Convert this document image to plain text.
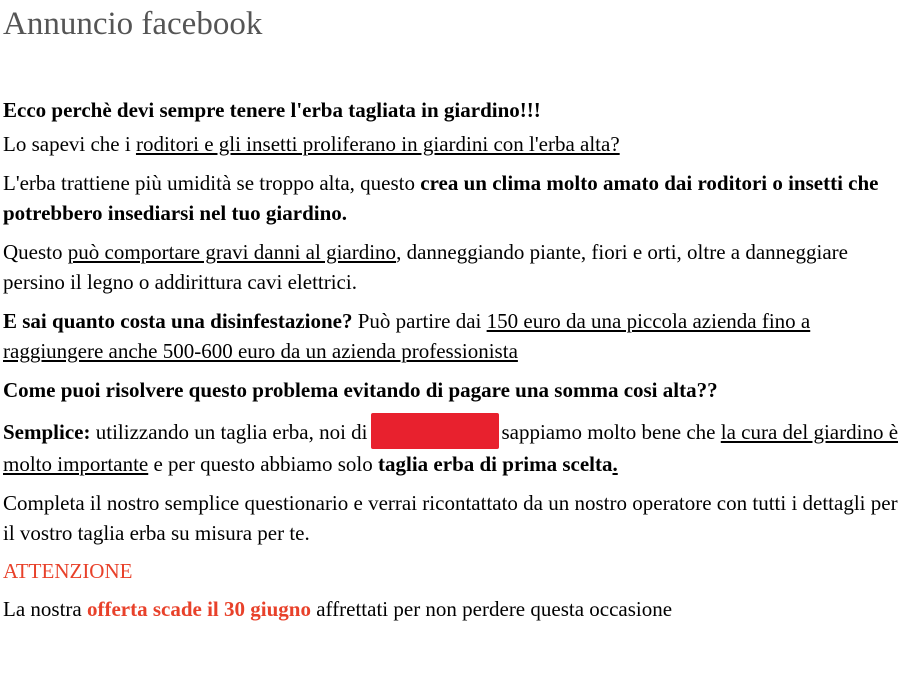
Annuncio facebook

Ecco perchè devi sempre tenere l'erba tagliata in giardino!!!

Lo sapevi che i roditori e gli insetti proliferano in giardini con l'erba alta?

L'erba trattiene più umidità se troppo alta, questo crea un clima molto amato dai roditori o insetti che potrebbero insediarsi nel tuo giardino.

Questo può comportare gravi danni al giardino, danneggiando piante, fiori e orti, oltre a danneggiare persino il legno o addirittura cavi elettrici.

E sai quanto costa una disinfestazione? Può partire dai 150 euro da una piccola azienda fino a raggiungere anche 500-600 euro da un azienda professionista

Come puoi risolvere questo problema evitando di pagare una somma cosi alta??

Semplice: utilizzando un taglia erba, noi di	sappiamo molto bene che la cura del giardino è molto importante e per questo abbiamo solo taglia erba di prima scelta.

Completa il nostro semplice questionario e verrai ricontattato da un nostro operatore con tutti i dettagli per il vostro taglia erba su misura per te.

ATTENZIONE

La nostra offerta scade il 30 giugno affrettati per non perdere questa occasione
